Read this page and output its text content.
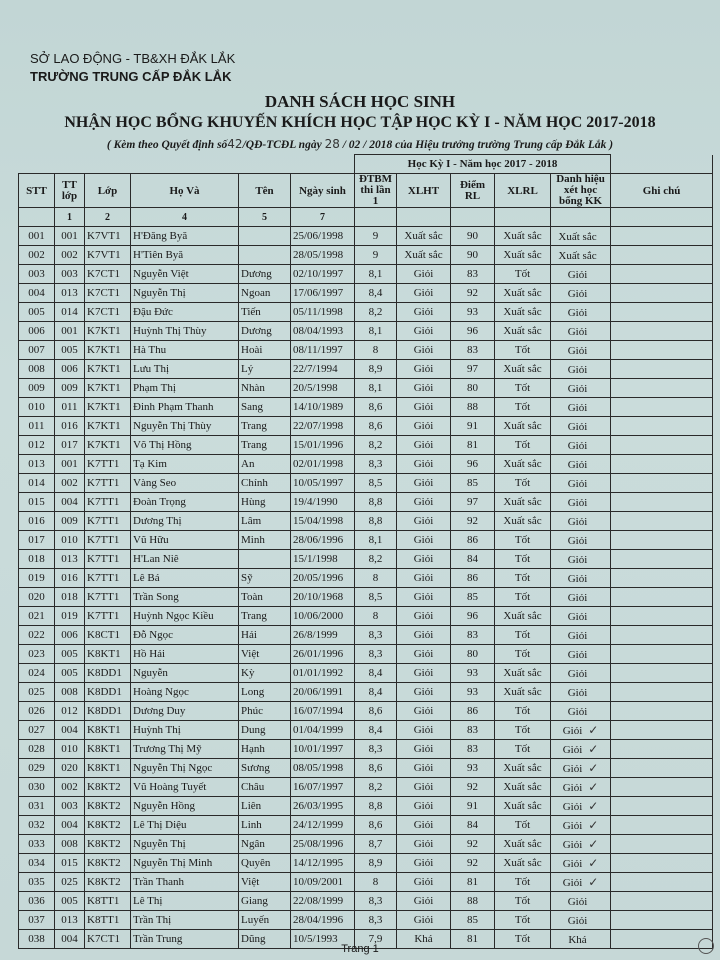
SỞ LAO ĐỘNG - TB&XH ĐẮK LẮK
TRƯỜNG TRUNG CẤP ĐẮK LẮK
DANH SÁCH HỌC SINH
NHẬN HỌC BỔNG KHUYẾN KHÍCH HỌC TẬP HỌC KỲ I - NĂM HỌC 2017-2018
( Kèm theo Quyết định số42/QĐ-TCĐL ngày 28 / 02 / 2018 của Hiệu trưởng trường Trung cấp Đắk Lắk )
						Học Kỳ I - Năm học 2017 - 2018					
STT	TT lớp	Lớp	Họ Và	Tên	Ngày sinh	ĐTBM thi lần 1	XLHT	Điểm RL	XLRL	Danh hiệu xét học bổng KK	Ghi chú
	1	2	4	5	7						
001	001	K7VT1	H'Đăng Byă		25/06/1998	9	Xuất sắc	90	Xuất sắc	Xuất sắc	
002	002	K7VT1	H'Tiên Byă		28/05/1998	9	Xuất sắc	90	Xuất sắc	Xuất sắc	
003	003	K7CT1	Nguyễn Việt	Dương	02/10/1997	8,1	Giỏi	83	Tốt	Giỏi	
004	013	K7CT1	Nguyễn Thị	Ngoan	17/06/1997	8,4	Giỏi	92	Xuất sắc	Giỏi	
005	014	K7CT1	Đậu Đức	Tiến	05/11/1998	8,2	Giỏi	93	Xuất sắc	Giỏi	
006	001	K7KT1	Huỳnh Thị Thùy	Dương	08/04/1993	8,1	Giỏi	96	Xuất sắc	Giỏi	
007	005	K7KT1	Hà Thu	Hoài	08/11/1997	8	Giỏi	83	Tốt	Giỏi	
008	006	K7KT1	Lưu Thị	Lý	22/7/1994	8,9	Giỏi	97	Xuất sắc	Giỏi	
009	009	K7KT1	Phạm Thị	Nhàn	20/5/1998	8,1	Giỏi	80	Tốt	Giỏi	
010	011	K7KT1	Đinh Phạm Thanh	Sang	14/10/1989	8,6	Giỏi	88	Tốt	Giỏi	
011	016	K7KT1	Nguyễn Thị Thùy	Trang	22/07/1998	8,6	Giỏi	91	Xuất sắc	Giỏi	
012	017	K7KT1	Võ Thị Hồng	Trang	15/01/1996	8,2	Giỏi	81	Tốt	Giỏi	
013	001	K7TT1	Tạ Kim	An	02/01/1998	8,3	Giỏi	96	Xuất sắc	Giỏi	
014	002	K7TT1	Vàng Seo	Chính	10/05/1997	8,5	Giỏi	85	Tốt	Giỏi	
015	004	K7TT1	Đoàn Trọng	Hùng	19/4/1990	8,8	Giỏi	97	Xuất sắc	Giỏi	
016	009	K7TT1	Dương Thị	Lâm	15/04/1998	8,8	Giỏi	92	Xuất sắc	Giỏi	
017	010	K7TT1	Vũ Hữu	Minh	28/06/1996	8,1	Giỏi	86	Tốt	Giỏi	
018	013	K7TT1	H'Lan Niê		15/1/1998	8,2	Giỏi	84	Tốt	Giỏi	
019	016	K7TT1	Lê Bá	Sỹ	20/05/1996	8	Giỏi	86	Tốt	Giỏi	
020	018	K7TT1	Trần Song	Toàn	20/10/1968	8,5	Giỏi	85	Tốt	Giỏi	
021	019	K7TT1	Huỳnh Ngọc Kiều	Trang	10/06/2000	8	Giỏi	96	Xuất sắc	Giỏi	
022	006	K8CT1	Đỗ Ngọc	Hải	26/8/1999	8,3	Giỏi	83	Tốt	Giỏi	
023	005	K8KT1	Hồ Hải	Việt	26/01/1996	8,3	Giỏi	80	Tốt	Giỏi	
024	005	K8DD1	Nguyễn	Kỳ	01/01/1992	8,4	Giỏi	93	Xuất sắc	Giỏi	
025	008	K8DD1	Hoàng Ngọc	Long	20/06/1991	8,4	Giỏi	93	Xuất sắc	Giỏi	
026	012	K8DD1	Dương Duy	Phúc	16/07/1994	8,6	Giỏi	86	Tốt	Giỏi	
027	004	K8KT1	Huỳnh Thị	Dung	01/04/1999	8,4	Giỏi	83	Tốt	Giỏi ✓	
028	010	K8KT1	Trương Thị Mỹ	Hạnh	10/01/1997	8,3	Giỏi	83	Tốt	Giỏi ✓	
029	020	K8KT1	Nguyễn Thị Ngọc	Sương	08/05/1998	8,6	Giỏi	93	Xuất sắc	Giỏi ✓	
030	002	K8KT2	Vũ Hoàng Tuyết	Châu	16/07/1997	8,2	Giỏi	92	Xuất sắc	Giỏi ✓	
031	003	K8KT2	Nguyễn Hồng	Liên	26/03/1995	8,8	Giỏi	91	Xuất sắc	Giỏi ✓	
032	004	K8KT2	Lê Thị Diệu	Linh	24/12/1999	8,6	Giỏi	84	Tốt	Giỏi ✓	
033	008	K8KT2	Nguyễn Thị	Ngân	25/08/1996	8,7	Giỏi	92	Xuất sắc	Giỏi ✓	
034	015	K8KT2	Nguyễn Thị Minh	Quyên	14/12/1995	8,9	Giỏi	92	Xuất sắc	Giỏi ✓	
035	025	K8KT2	Trần Thanh	Việt	10/09/2001	8	Giỏi	81	Tốt	Giỏi ✓	
036	005	K8TT1	Lê Thị	Giang	22/08/1999	8,3	Giỏi	88	Tốt	Giỏi	
037	013	K8TT1	Trần Thị	Luyến	28/04/1996	8,3	Giỏi	85	Tốt	Giỏi	
038	004	K7CT1	Trần Trung	Dũng	10/5/1993	7,9	Khá	81	Tốt	Khá	
Trang 1
